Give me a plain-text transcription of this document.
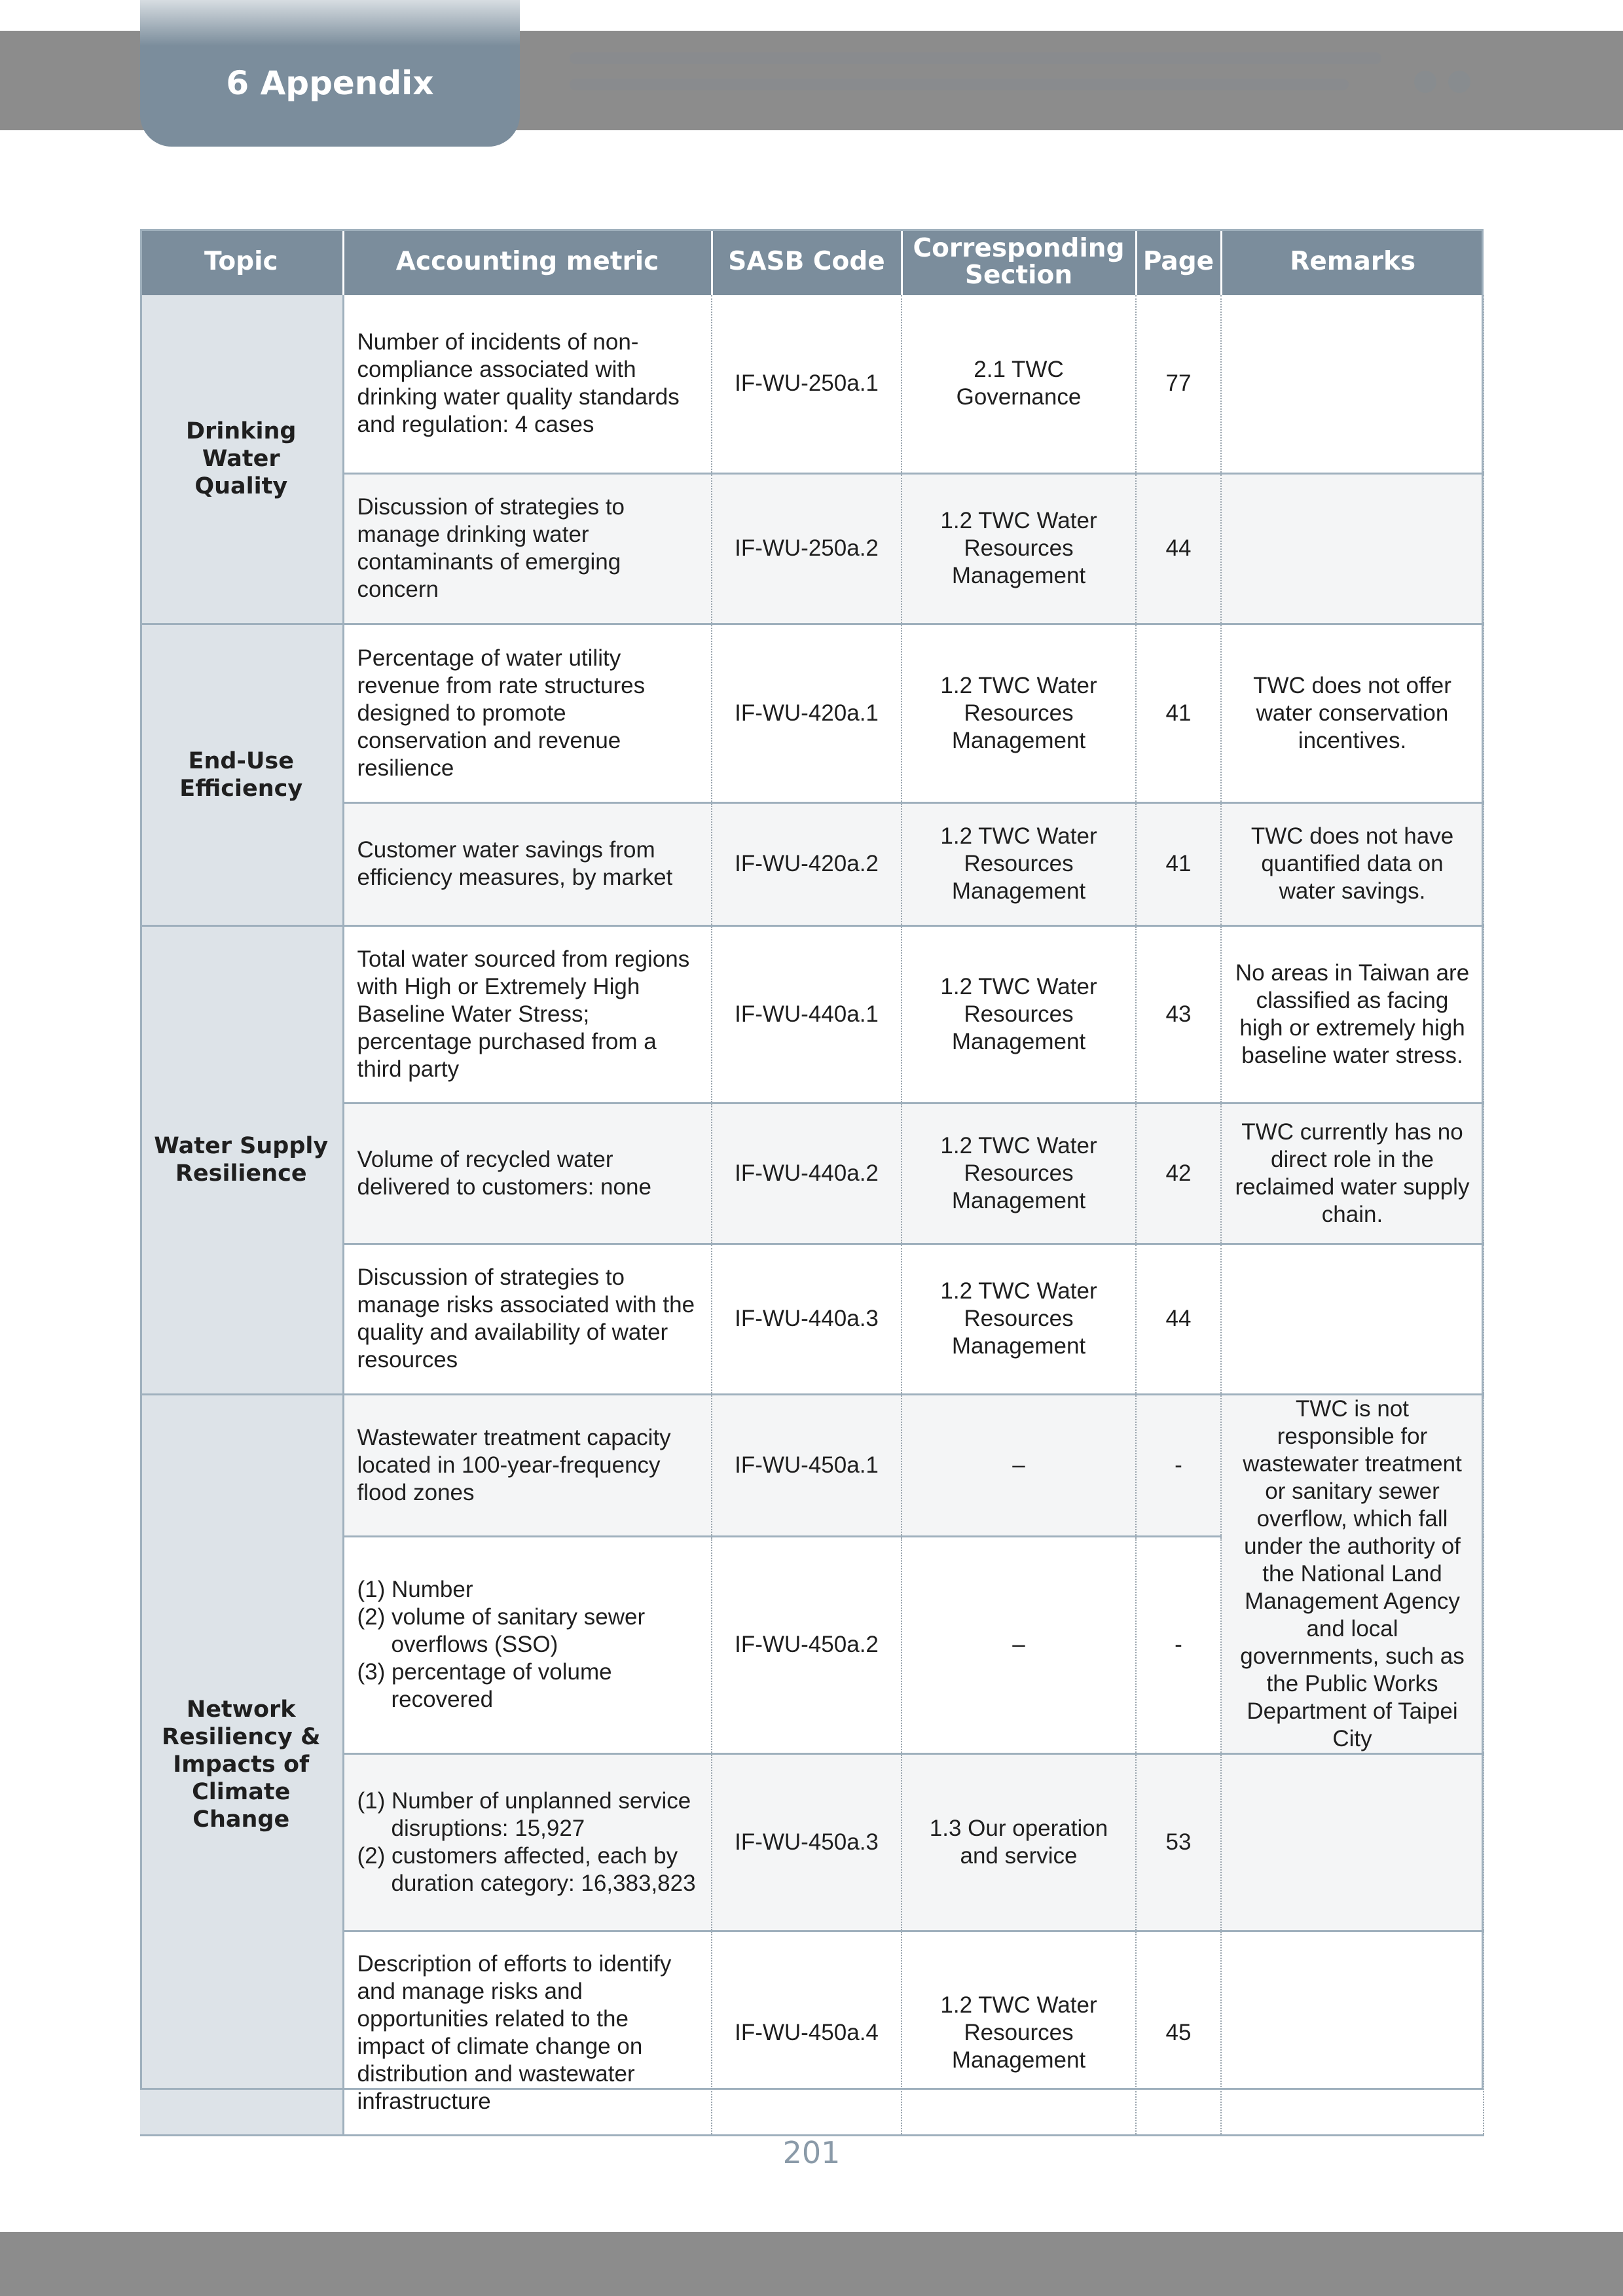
6 Appendix
Topic	Accounting metric	SASB Code	Corresponding Section	Page	Remarks
Drinking Water Quality	Number of incidents of non-compliance associated with drinking water quality standards and regulation: 4 cases	IF-WU-250a.1	2.1 TWC Governance	77	
	Discussion of strategies to manage drinking water contaminants of emerging concern	IF-WU-250a.2	1.2 TWC Water Resources Management	44	
End-Use Efficiency	Percentage of water utility revenue from rate structures designed to promote conservation and revenue resilience	IF-WU-420a.1	1.2 TWC Water Resources Management	41	TWC does not offer water conservation incentives.
	Customer water savings from efficiency measures, by market	IF-WU-420a.2	1.2 TWC Water Resources Management	41	TWC does not have quantified data on water savings.
Water Supply Resilience	Total water sourced from regions with High or Extremely High Baseline Water Stress; percentage purchased from a third party	IF-WU-440a.1	1.2 TWC Water Resources Management	43	No areas in Taiwan are classified as facing high or extremely high baseline water stress.
	Volume of recycled water delivered to customers: none	IF-WU-440a.2	1.2 TWC Water Resources Management	42	TWC currently has no direct role in the reclaimed water supply chain.
	Discussion of strategies to manage risks associated with the quality and availability of water resources	IF-WU-440a.3	1.2 TWC Water Resources Management	44	
Network Resiliency & Impacts of Climate Change	Wastewater treatment capacity located in 100-year-frequency flood zones	IF-WU-450a.1	–	-	TWC is not responsible for wastewater treatment or sanitary sewer overflow, which fall under the authority of the National Land Management Agency and local governments, such as the Public Works Department of Taipei City

	(1) Number
(2) volume of sanitary sewer overflows (SSO)
(3) percentage of volume recovered	IF-WU-450a.2	–	-	

	(1) Number of unplanned service disruptions: 15,927
(2) customers affected, each by duration category: 16,383,823	IF-WU-450a.3	1.3 Our operation and service	53	
	Description of efforts to identify and manage risks and opportunities related to the impact of climate change on distribution and wastewater infrastructure	IF-WU-450a.4	1.2 TWC Water Resources Management	45	
201
